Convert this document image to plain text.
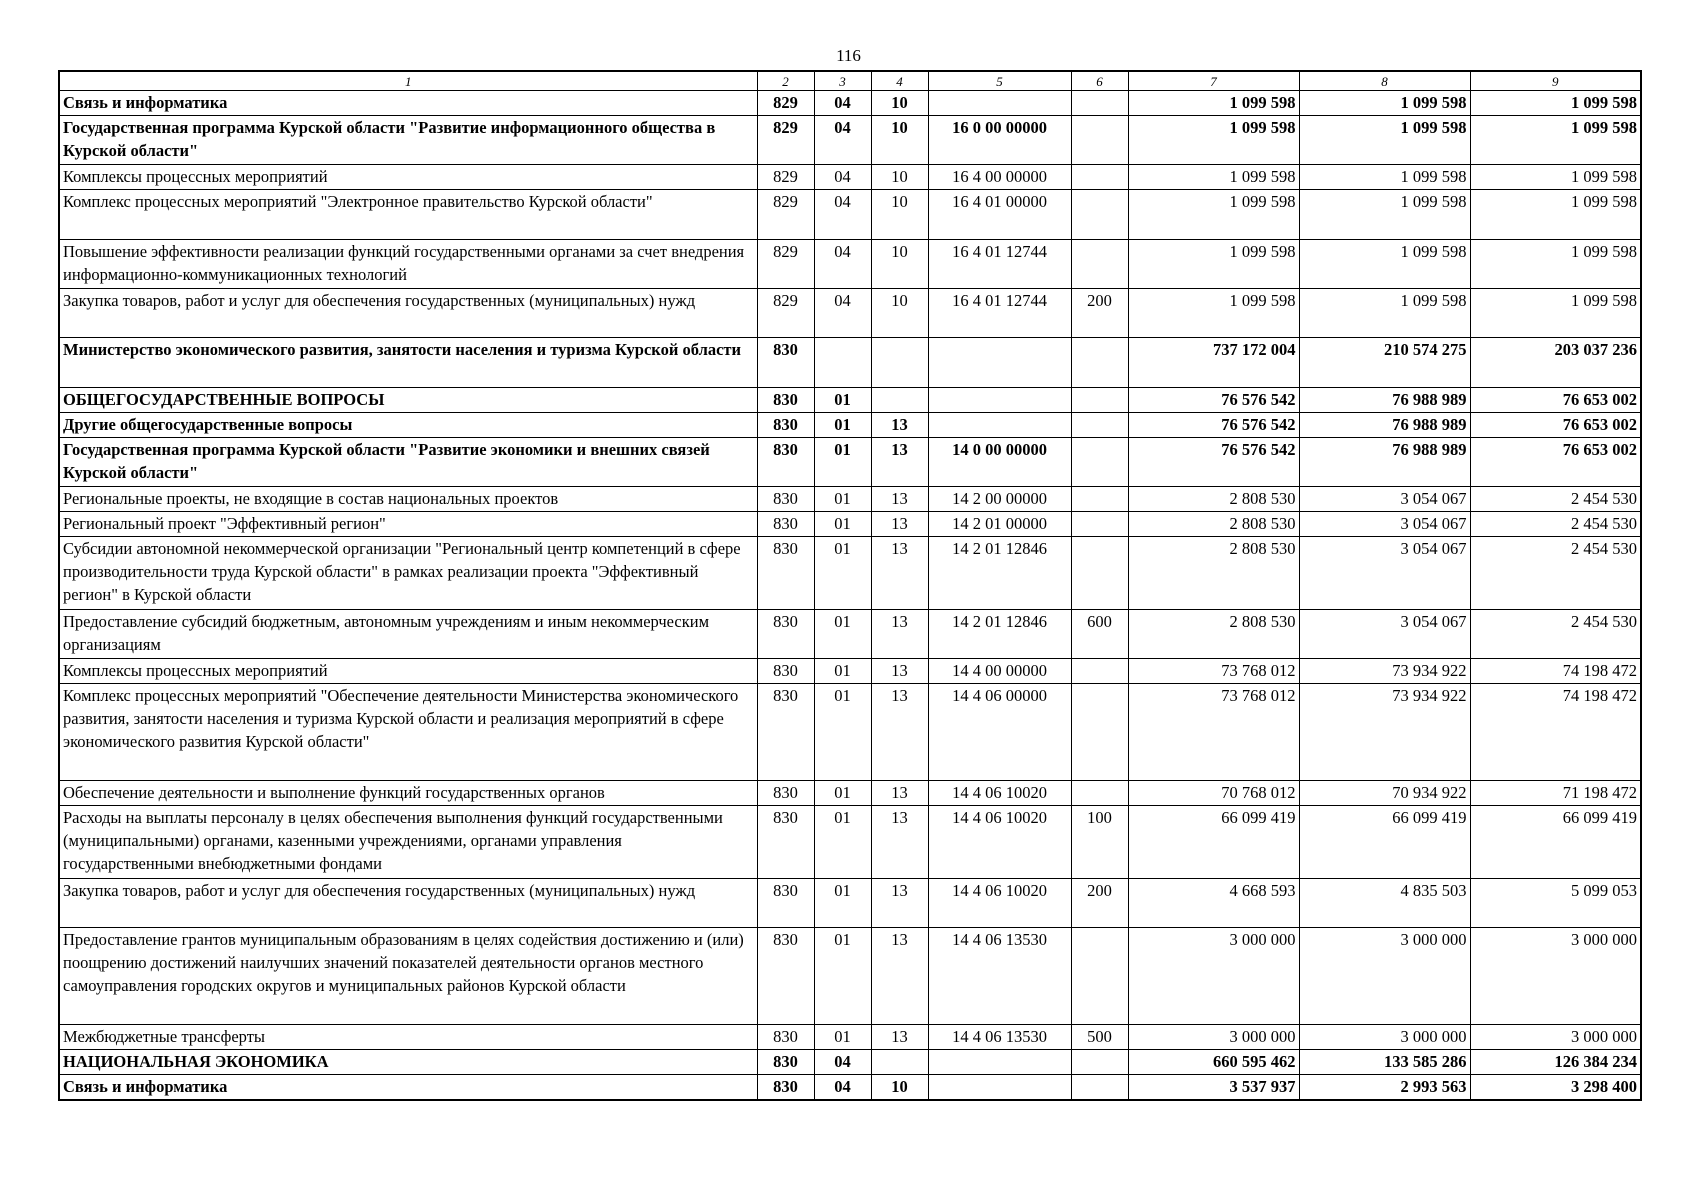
116
1	2	3	4	5	6	7	8	9
Связь и информатика	829	04	10			1 099 598	1 099 598	1 099 598
Государственная программа Курской области "Развитие информационного общества в Курской области"	829	04	10	16 0 00 00000		1 099 598	1 099 598	1 099 598
Комплексы процессных мероприятий	829	04	10	16 4 00 00000		1 099 598	1 099 598	1 099 598
Комплекс процессных мероприятий "Электронное правительство Курской области"	829	04	10	16 4 01 00000		1 099 598	1 099 598	1 099 598
Повышение эффективности реализации функций государственными органами за счет внедрения информационно-коммуникационных технологий	829	04	10	16 4 01 12744		1 099 598	1 099 598	1 099 598
Закупка товаров, работ и услуг для обеспечения государственных (муниципальных) нужд	829	04	10	16 4 01 12744	200	1 099 598	1 099 598	1 099 598
Министерство экономического развития, занятости населения и туризма Курской области	830					737 172 004	210 574 275	203 037 236
ОБЩЕГОСУДАРСТВЕННЫЕ ВОПРОСЫ	830	01				76 576 542	76 988 989	76 653 002
Другие общегосударственные вопросы	830	01	13			76 576 542	76 988 989	76 653 002
Государственная программа Курской области "Развитие экономики и внешних связей Курской области"	830	01	13	14 0 00 00000		76 576 542	76 988 989	76 653 002
Региональные проекты, не входящие в состав национальных проектов	830	01	13	14 2 00 00000		2 808 530	3 054 067	2 454 530
Региональный проект "Эффективный регион"	830	01	13	14 2 01 00000		2 808 530	3 054 067	2 454 530
Субсидии автономной некоммерческой организации "Региональный центр компетенций в сфере производительности труда Курской области" в рамках реализации проекта "Эффективный регион" в Курской области	830	01	13	14 2 01 12846		2 808 530	3 054 067	2 454 530
Предоставление субсидий бюджетным, автономным учреждениям и иным некоммерческим организациям	830	01	13	14 2 01 12846	600	2 808 530	3 054 067	2 454 530
Комплексы процессных мероприятий	830	01	13	14 4 00 00000		73 768 012	73 934 922	74 198 472
Комплекс процессных мероприятий "Обеспечение деятельности Министерства экономического развития, занятости населения и туризма Курской области и реализация мероприятий в сфере экономического развития Курской области"	830	01	13	14 4 06 00000		73 768 012	73 934 922	74 198 472
Обеспечение деятельности и выполнение функций государственных органов	830	01	13	14 4 06 10020		70 768 012	70 934 922	71 198 472
Расходы на выплаты персоналу в целях обеспечения выполнения функций государственными (муниципальными) органами, казенными учреждениями, органами управления государственными внебюджетными фондами	830	01	13	14 4 06 10020	100	66 099 419	66 099 419	66 099 419
Закупка товаров, работ и услуг для обеспечения государственных (муниципальных) нужд	830	01	13	14 4 06 10020	200	4 668 593	4 835 503	5 099 053
Предоставление грантов муниципальным образованиям в целях содействия достижению и (или) поощрению достижений наилучших значений показателей деятельности органов местного самоуправления городских округов и муниципальных районов Курской области	830	01	13	14 4 06 13530		3 000 000	3 000 000	3 000 000
Межбюджетные трансферты	830	01	13	14 4 06 13530	500	3 000 000	3 000 000	3 000 000
НАЦИОНАЛЬНАЯ ЭКОНОМИКА	830	04				660 595 462	133 585 286	126 384 234
Связь и информатика	830	04	10			3 537 937	2 993 563	3 298 400
